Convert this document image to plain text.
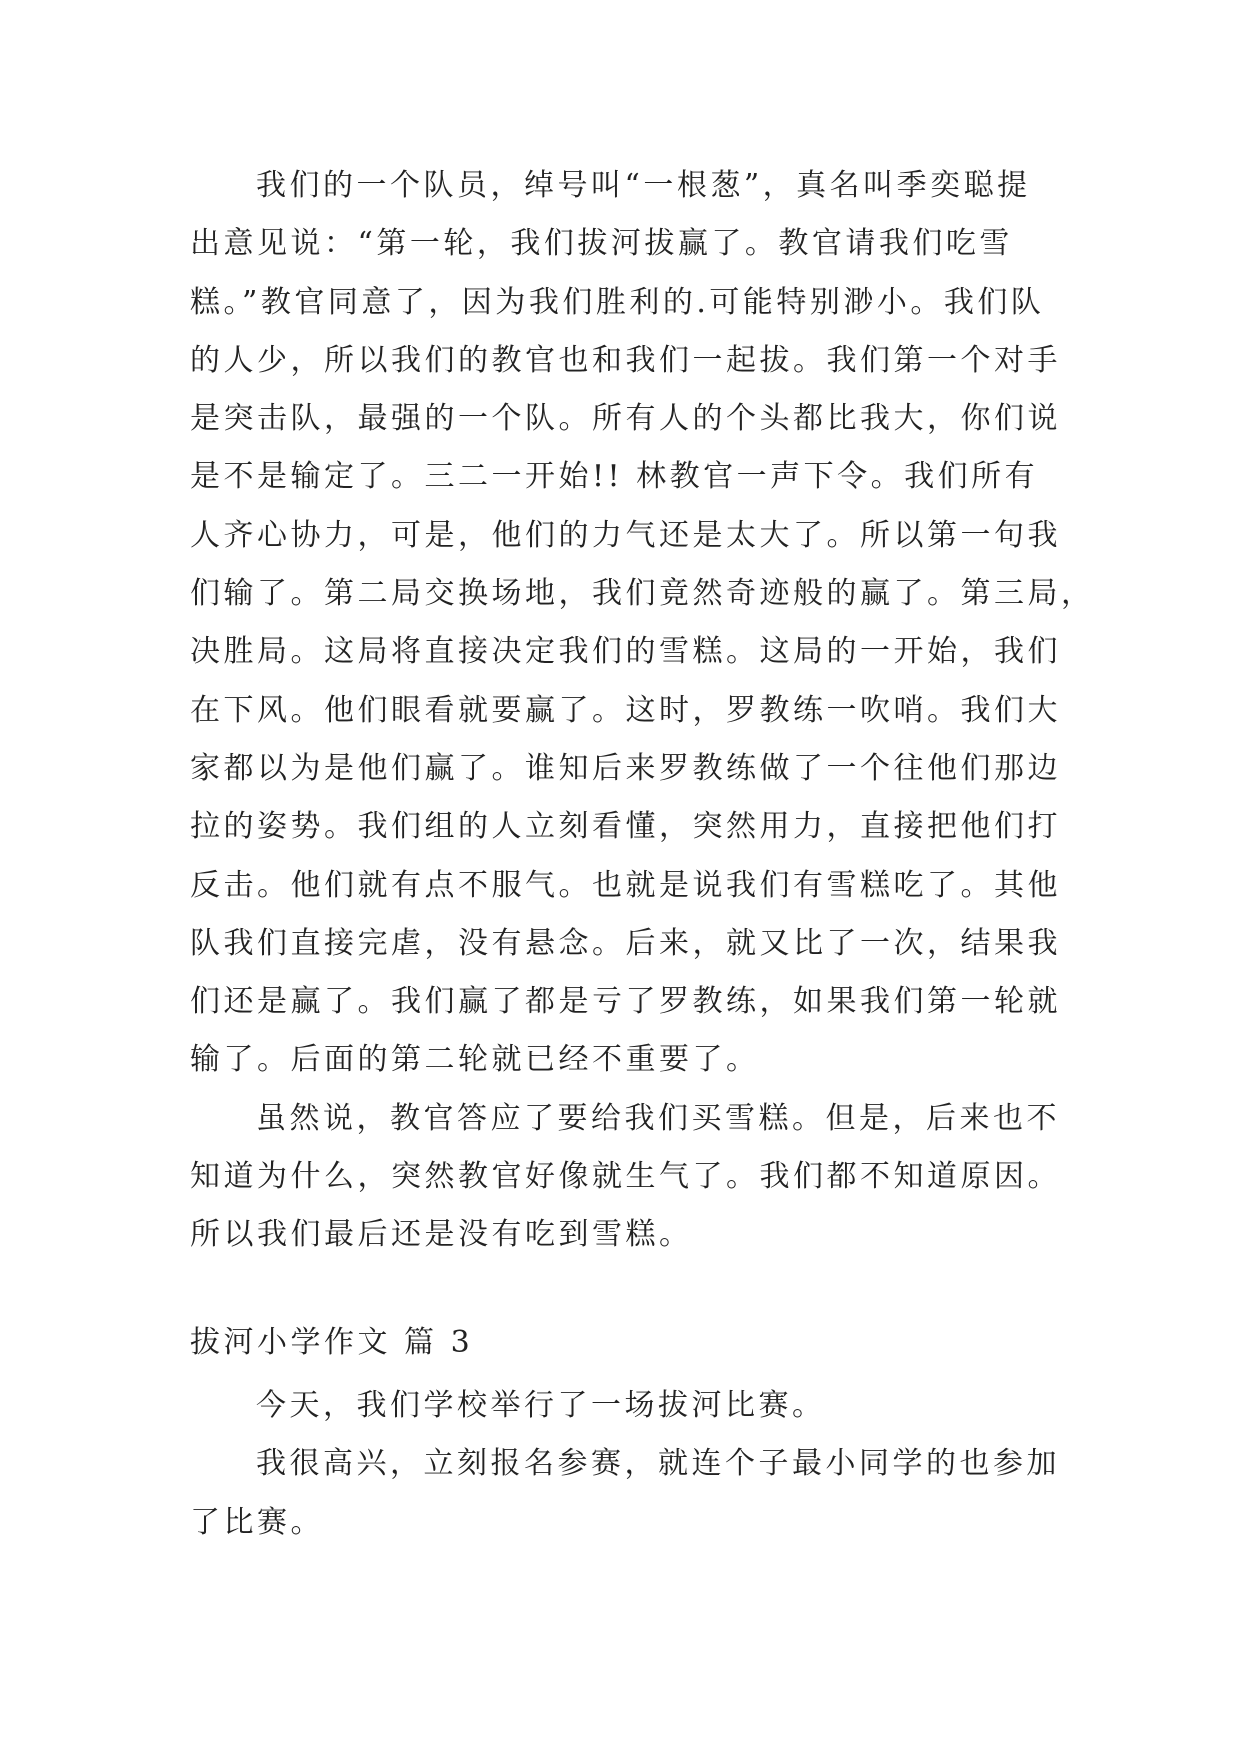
我们的一个队员，绰号叫“一根葱”，真名叫季奕聪提
出意见说：“第一轮，我们拔河拔赢了。教官请我们吃雪
糕。”教官同意了，因为我们胜利的.可能特别渺小。我们队
的人少，所以我们的教官也和我们一起拔。我们第一个对手
是突击队，最强的一个队。所有人的个头都比我大，你们说
是不是输定了。三二一开始!! 林教官一声下令。我们所有
人齐心协力，可是，他们的力气还是太大了。所以第一句我
们输了。第二局交换场地，我们竟然奇迹般的赢了。第三局，
决胜局。这局将直接决定我们的雪糕。这局的一开始，我们
在下风。他们眼看就要赢了。这时，罗教练一吹哨。我们大
家都以为是他们赢了。谁知后来罗教练做了一个往他们那边
拉的姿势。我们组的人立刻看懂，突然用力，直接把他们打
反击。他们就有点不服气。也就是说我们有雪糕吃了。其他
队我们直接完虐，没有悬念。后来，就又比了一次，结果我
们还是赢了。我们赢了都是亏了罗教练，如果我们第一轮就
输了。后面的第二轮就已经不重要了。
虽然说，教官答应了要给我们买雪糕。但是，后来也不
知道为什么，突然教官好像就生气了。我们都不知道原因。
所以我们最后还是没有吃到雪糕。
拔河小学作文 篇 3
今天，我们学校举行了一场拔河比赛。
我很高兴，立刻报名参赛，就连个子最小同学的也参加
了比赛。
